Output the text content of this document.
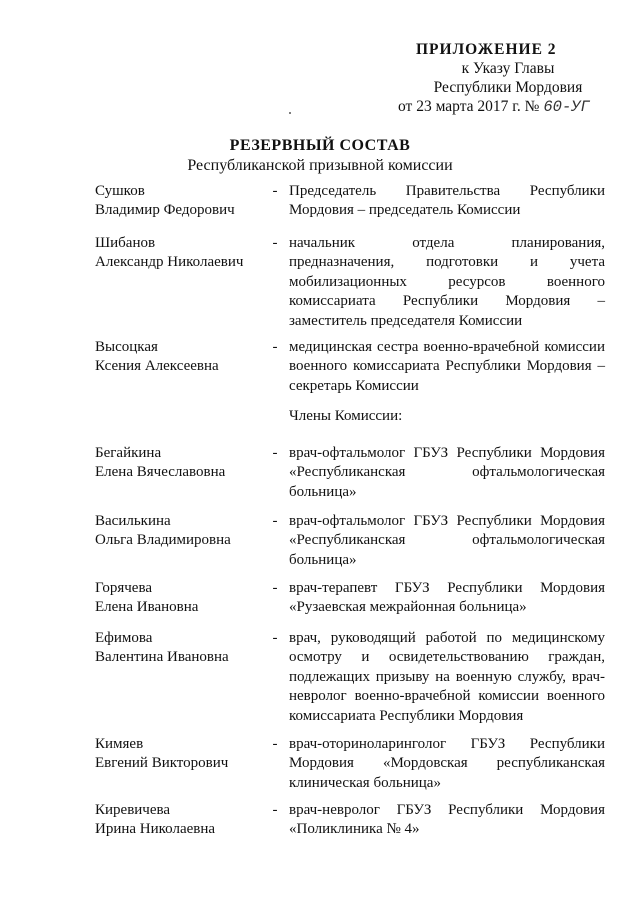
ПРИЛОЖЕНИЕ 2
к Указу Главы
Республики Мордовия
от 23 марта 2017 г. № 60-УГ
РЕЗЕРВНЫЙ СОСТАВ
Республиканской призывной комиссии
Члены Комиссии:
Сушков
Владимир Федорович
- Председатель Правительства Республики Мордовия – председатель Комиссии
Шибанов
Александр Николаевич
- начальник отдела планирования, предназначения, подготовки и учета мобилизационных ресурсов военного комиссариата Республики Мордовия – заместитель председателя Комиссии
Высоцкая
Ксения Алексеевна
- медицинская сестра военно-врачебной комиссии военного комиссариата Республики Мордовия – секретарь Комиссии
Бегайкина
Елена Вячеславовна
- врач-офтальмолог ГБУЗ Республики Мордовия «Республиканская офтальмологическая больница»
Василькина
Ольга Владимировна
- врач-офтальмолог ГБУЗ Республики Мордовия «Республиканская офтальмологическая больница»
Горячева
Елена Ивановна
- врач-терапевт ГБУЗ Республики Мордовия «Рузаевская межрайонная больница»
Ефимова
Валентина Ивановна
- врач, руководящий работой по медицинскому осмотру и освидетельствованию граждан, подлежащих призыву на военную службу, врач-невролог военно-врачебной комиссии военного комиссариата Республики Мордовия
Кимяев
Евгений Викторович
- врач-оториноларинголог ГБУЗ Республики Мордовия «Мордовская республиканская клиническая больница»
Киревичева
Ирина Николаевна
- врач-невролог ГБУЗ Республики Мордовия «Поликлиника № 4»
